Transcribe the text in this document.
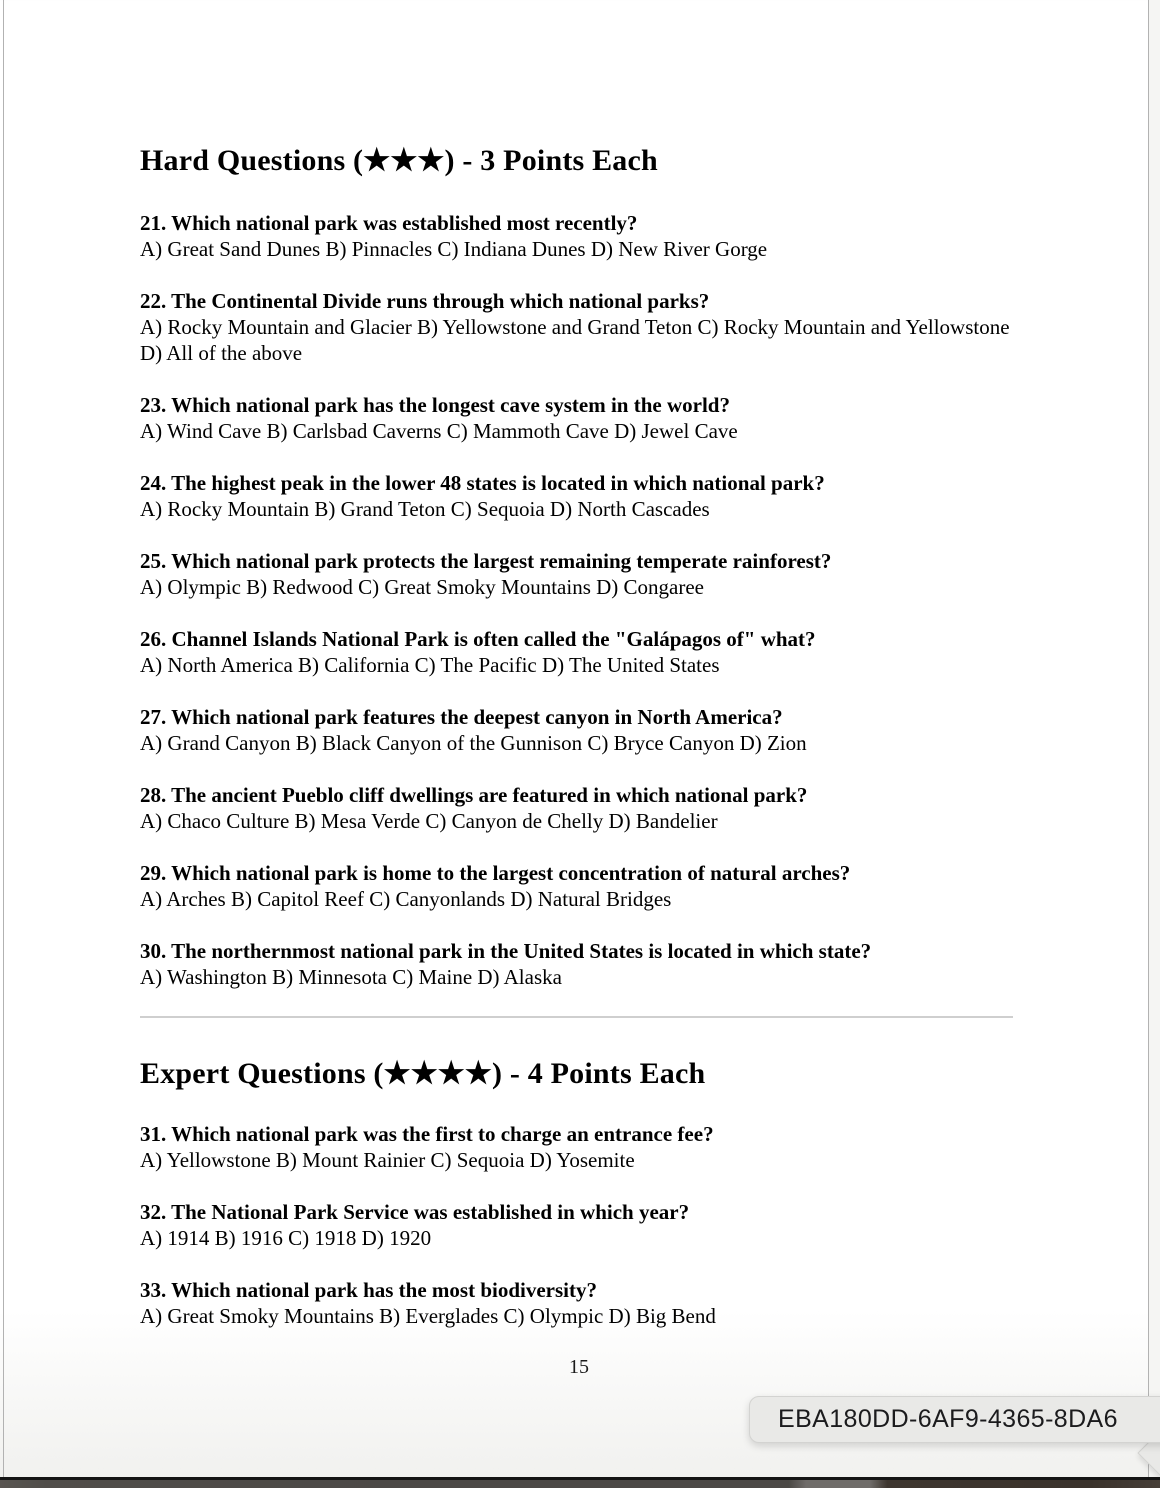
Hard Questions (★★★) - 3 Points Each

21. Which national park was established most recently?

A) Great Sand Dunes B) Pinnacles C) Indiana Dunes D) New River Gorge

22. The Continental Divide runs through which national parks?

A) Rocky Mountain and Glacier B) Yellowstone and Grand Teton C) Rocky Mountain and Yellowstone D) All of the above

23. Which national park has the longest cave system in the world?

A) Wind Cave B) Carlsbad Caverns C) Mammoth Cave D) Jewel Cave

24. The highest peak in the lower 48 states is located in which national park?

A) Rocky Mountain B) Grand Teton C) Sequoia D) North Cascades

25. Which national park protects the largest remaining temperate rainforest?

A) Olympic B) Redwood C) Great Smoky Mountains D) Congaree

26. Channel Islands National Park is often called the "Galápagos of" what?

A) North America B) California C) The Pacific D) The United States

27. Which national park features the deepest canyon in North America?

A) Grand Canyon B) Black Canyon of the Gunnison C) Bryce Canyon D) Zion

28. The ancient Pueblo cliff dwellings are featured in which national park?

A) Chaco Culture B) Mesa Verde C) Canyon de Chelly D) Bandelier

29. Which national park is home to the largest concentration of natural arches?

A) Arches B) Capitol Reef C) Canyonlands D) Natural Bridges

30. The northernmost national park in the United States is located in which state?

A) Washington B) Minnesota C) Maine D) Alaska

Expert Questions (★★★★) - 4 Points Each

31. Which national park was the first to charge an entrance fee?

A) Yellowstone B) Mount Rainier C) Sequoia D) Yosemite

32. The National Park Service was established in which year?

A) 1914 B) 1916 C) 1918 D) 1920

33. Which national park has the most biodiversity?

A) Great Smoky Mountains B) Everglades C) Olympic D) Big Bend

15
EBA180DD-6AF9-4365-8DA6
